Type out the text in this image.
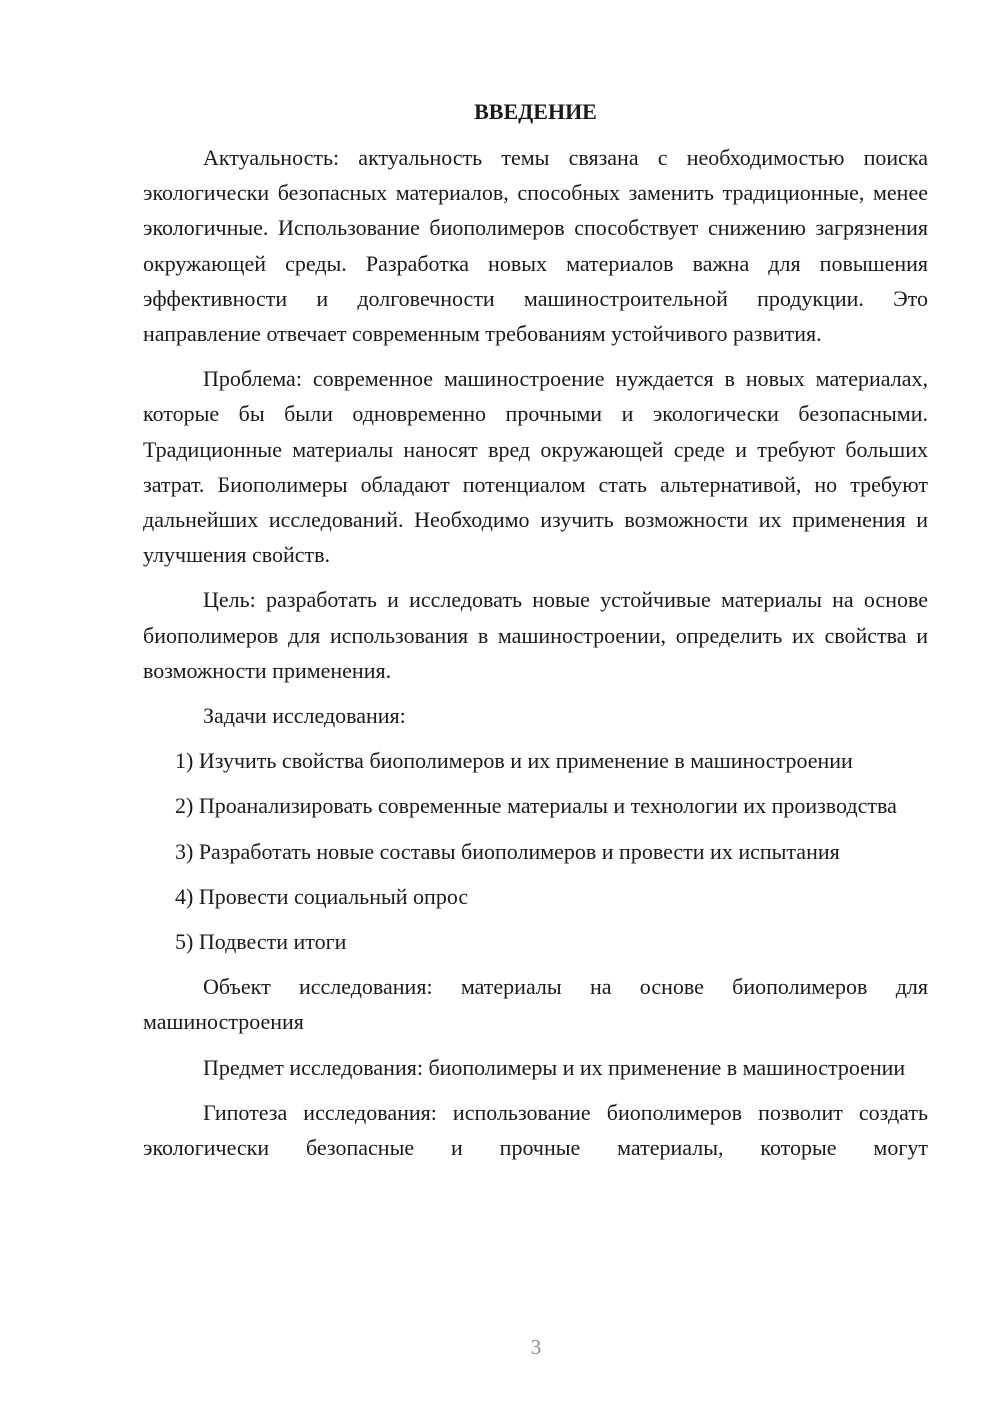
ВВЕДЕНИЕ

Актуальность: актуальность темы связана с необходимостью поиска экологически безопасных материалов, способных заменить традиционные, менее экологичные. Использование биополимеров способствует снижению загрязнения окружающей среды. Разработка новых материалов важна для повышения эффективности и долговечности машиностроительной продукции. Это направление отвечает современным требованиям устойчивого развития.

Проблема: современное машиностроение нуждается в новых материалах, которые бы были одновременно прочными и экологически безопасными. Традиционные материалы наносят вред окружающей среде и требуют больших затрат. Биополимеры обладают потенциалом стать альтернативой, но требуют дальнейших исследований. Необходимо изучить возможности их применения и улучшения свойств.

Цель: разработать и исследовать новые устойчивые материалы на основе биополимеров для использования в машиностроении, определить их свойства и возможности применения.

Задачи исследования:

1) Изучить свойства биополимеров и их применение в машиностроении

2) Проанализировать современные материалы и технологии их производства

3) Разработать новые составы биополимеров и провести их испытания

4) Провести социальный опрос

5) Подвести итоги

Объект исследования: материалы на основе биополимеров для машиностроения

Предмет исследования: биополимеры и их применение в машиностроении

Гипотеза исследования: использование биополимеров позволит создать экологически безопасные и прочные материалы, которые могут

3
